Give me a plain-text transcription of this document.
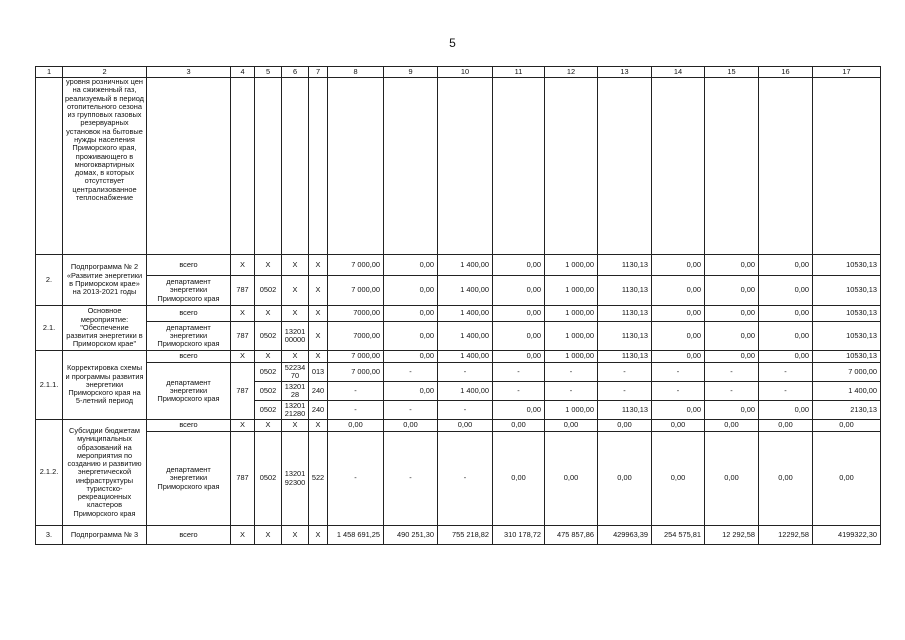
5
1	2	3	4	5	6	7	8	9	10	11	12	13	14	15	16	17
	уровня розничных цен на сжиженный газ, реализуемый в период отопительного сезона из групповых газовых резервуарных установок на бытовые нужды населения Приморского края, проживающего в многоквартирных домах, в которых отсутствует централизованное теплоснабжение															
2.	Подпрограмма № 2 «Развитие энергетики в Приморском крае» на 2013-2021 годы	всего	X	X	X	X	7 000,00	0,00	1 400,00	0,00	1 000,00	1130,13	0,00	0,00	0,00	10530,13
		департамент энергетики Приморского края	787	0502	X	X	7 000,00	0,00	1 400,00	0,00	1 000,00	1130,13	0,00	0,00	0,00	10530,13
2.1.	Основное мероприятие: "Обеспечение развития энергетики в Приморском крае"	всего	X	X	X	X	7000,00	0,00	1 400,00	0,00	1 000,00	1130,13	0,00	0,00	0,00	10530,13
		департамент энергетики Приморского края	787	0502	1320100000	X	7000,00	0,00	1 400,00	0,00	1 000,00	1130,13	0,00	0,00	0,00	10530,13
2.1.1.	Корректировка схемы и программы развития энергетики Приморского края на 5-летний период	всего	X	X	X	X	7 000,00	0,00	1 400,00	0,00	1 000,00	1130,13	0,00	0,00	0,00	10530,13
		департамент энергетики Приморского края	787	0502	5223470	013	7 000,00	-	-	-	-	-	-	-	-	7 000,00
				0502	1320128	240	-	0,00	1 400,00	-	-	-	-	-	-	1 400,00
				0502	1320121280	240	-	-	-	0,00	1 000,00	1130,13	0,00	0,00	0,00	2130,13
2.1.2.	Субсидии бюджетам муниципальных образований на мероприятия по созданию и развитию энергетической инфраструктуры туристско-рекреационных кластеров Приморского края	всего	X	X	X	X	0,00	0,00	0,00	0,00	0,00	0,00	0,00	0,00	0,00	0,00
		департамент энергетики Приморского края	787	0502	1320192300	522	-	-	-	0,00	0,00	0,00	0,00	0,00	0,00	0,00
3.	Подпрограмма № 3	всего	X	X	X	X	1 458 691,25	490 251,30	755 218,82	310 178,72	475 857,86	429963,39	254 575,81	12 292,58	12292,58	4199322,30
